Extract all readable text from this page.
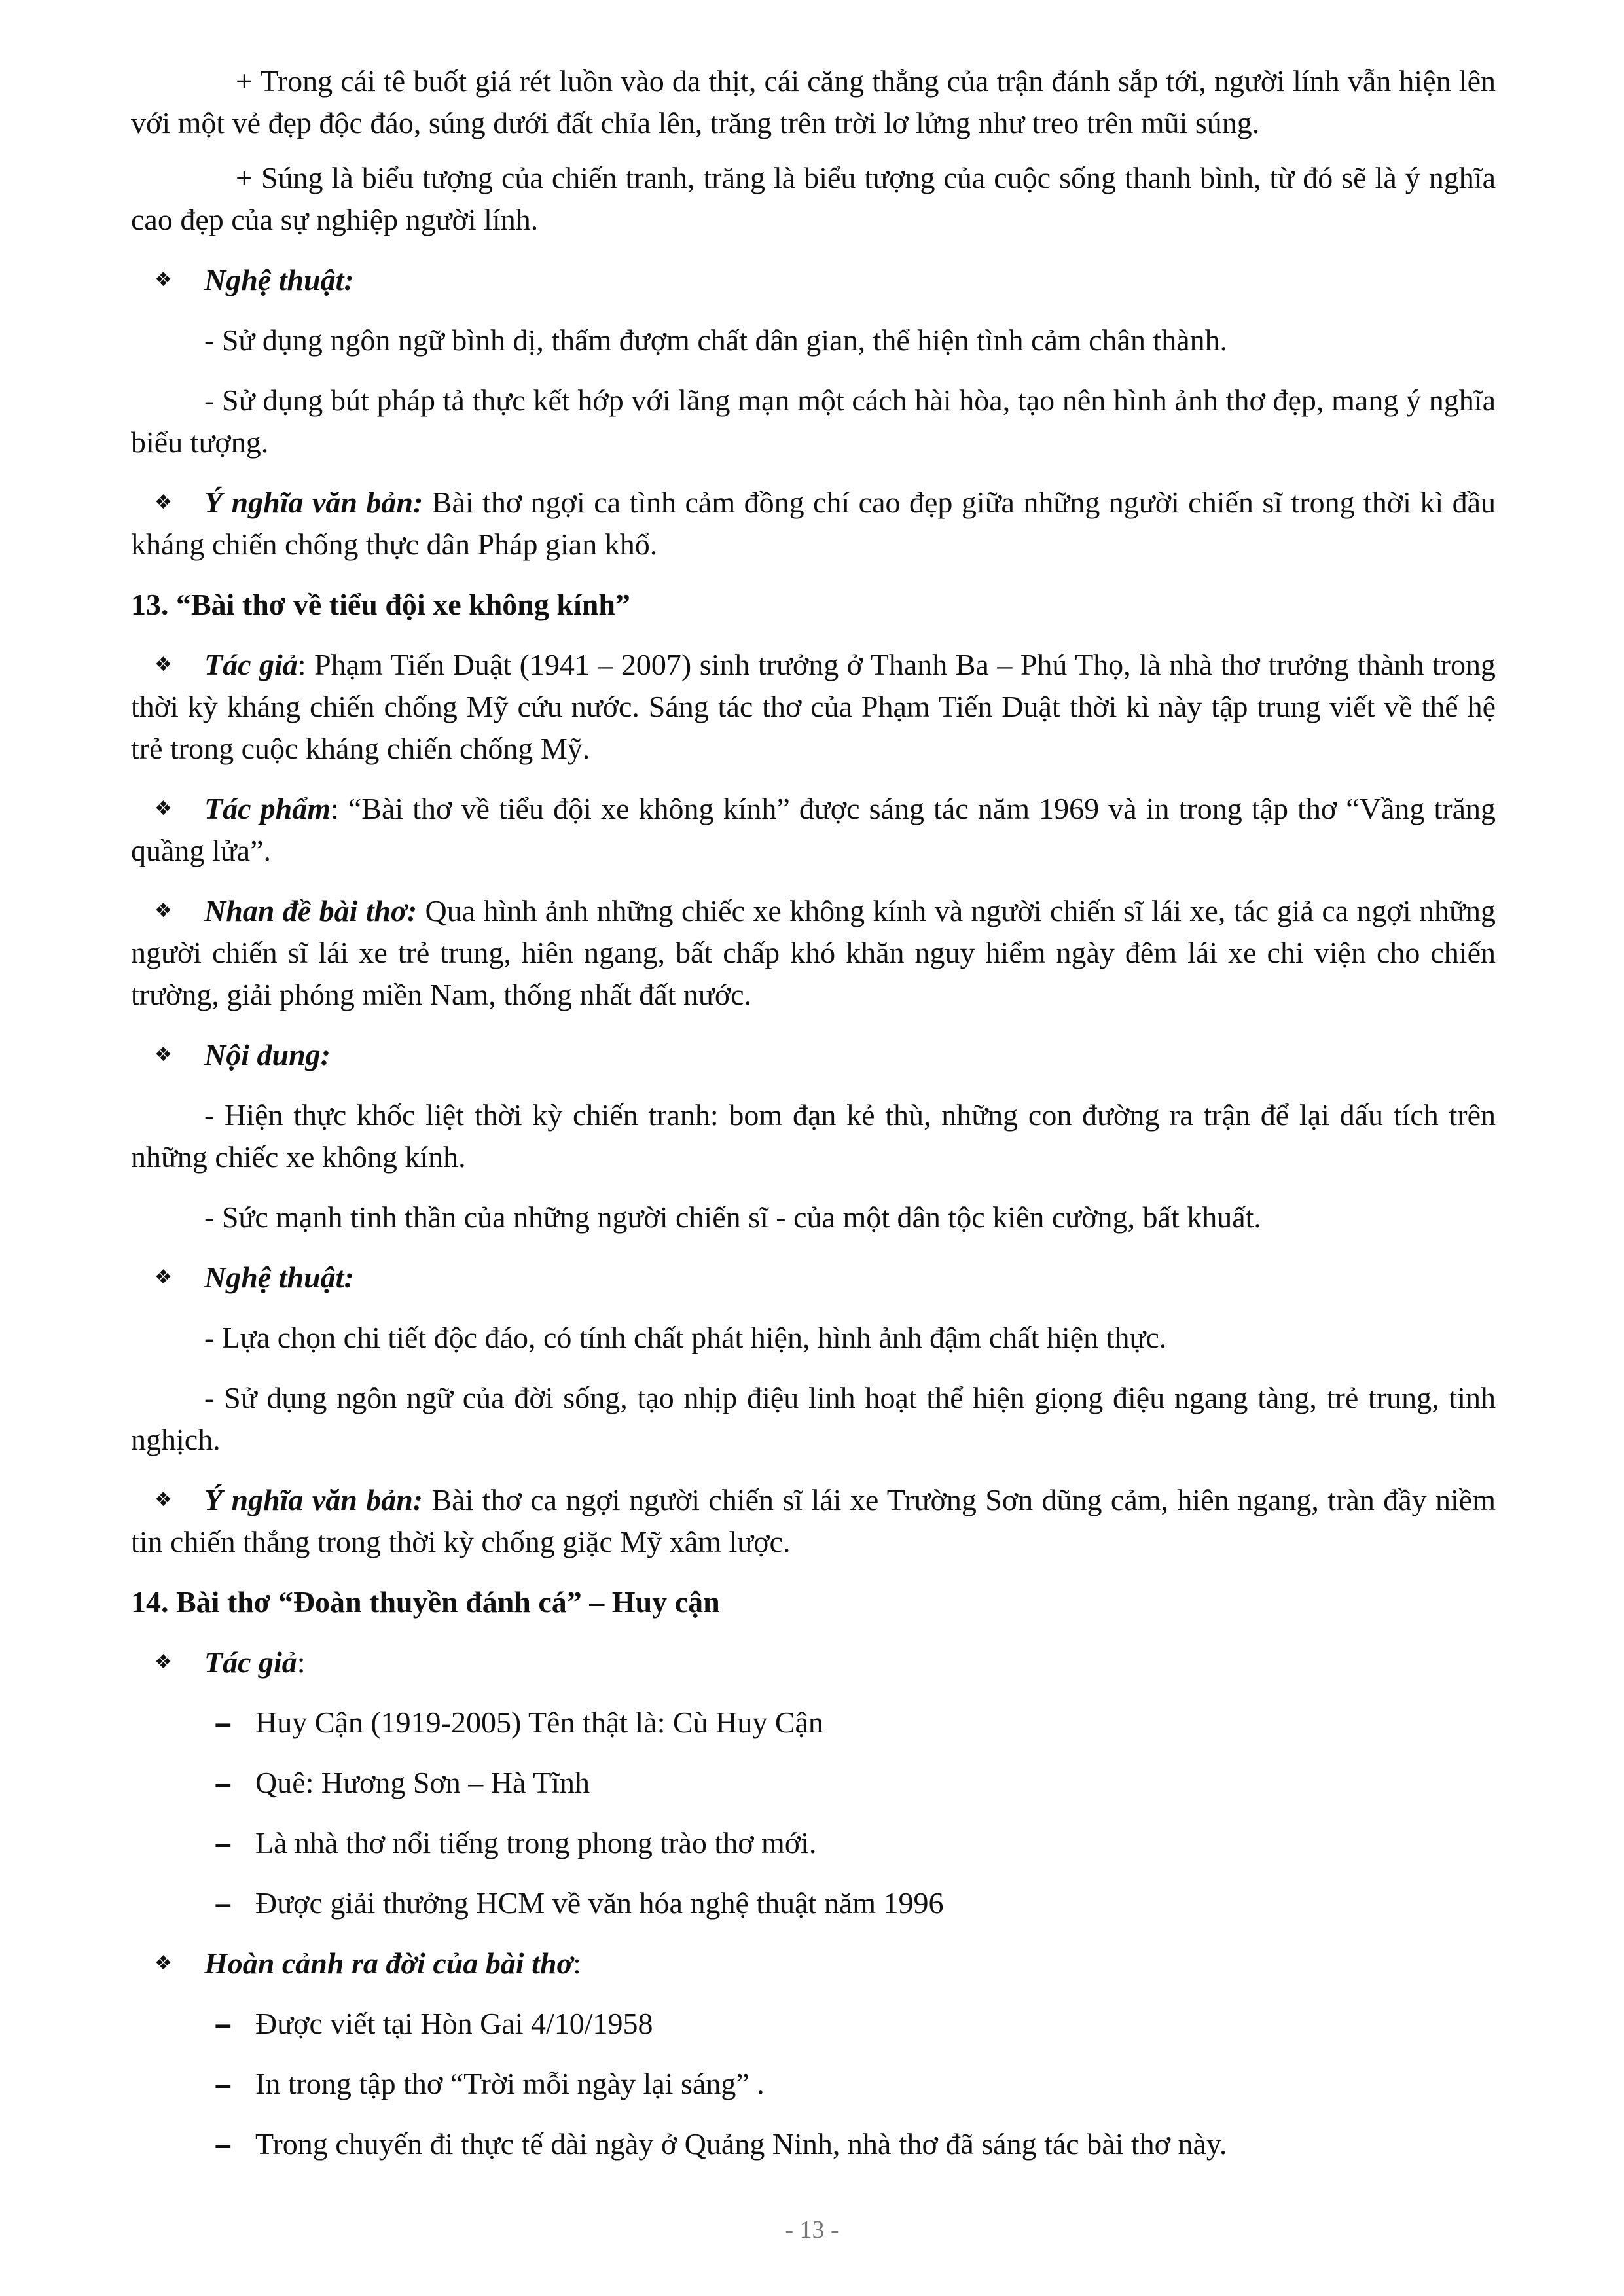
+ Trong cái tê buốt giá rét luồn vào da thịt, cái căng thẳng của trận đánh sắp tới, người lính vẫn hiện lên với một vẻ đẹp độc đáo, súng dưới đất chỉa lên, trăng trên trời lơ lửng như treo trên mũi súng.

+ Súng là biểu tượng của chiến tranh, trăng là biểu tượng của cuộc sống thanh bình, từ đó sẽ là ý nghĩa cao đẹp của sự nghiệp người lính.

❖ Nghệ thuật:

- Sử dụng ngôn ngữ bình dị, thấm đượm chất dân gian, thể hiện tình cảm chân thành.

- Sử dụng bút pháp tả thực kết hớp với lãng mạn một cách hài hòa, tạo nên hình ảnh thơ đẹp, mang ý nghĩa biểu tượng.

❖ Ý nghĩa văn bản: Bài thơ ngợi ca tình cảm đồng chí cao đẹp giữa những người chiến sĩ trong thời kì đầu kháng chiến chống thực dân Pháp gian khổ.

13. “Bài thơ về tiểu đội xe không kính”

❖ Tác giả: Phạm Tiến Duật (1941 – 2007) sinh trưởng ở Thanh Ba – Phú Thọ, là nhà thơ trưởng thành trong thời kỳ kháng chiến chống Mỹ cứu nước. Sáng tác thơ của Phạm Tiến Duật thời kì này tập trung viết về thế hệ trẻ trong cuộc kháng chiến chống Mỹ.

❖ Tác phẩm: “Bài thơ về tiểu đội xe không kính” được sáng tác năm 1969 và in trong tập thơ “Vầng trăng quầng lửa”.

❖ Nhan đề bài thơ: Qua hình ảnh những chiếc xe không kính và người chiến sĩ lái xe, tác giả ca ngợi những người chiến sĩ lái xe trẻ trung, hiên ngang, bất chấp khó khăn nguy hiểm ngày đêm lái xe chi viện cho chiến trường, giải phóng miền Nam, thống nhất đất nước.

❖ Nội dung:

- Hiện thực khốc liệt thời kỳ chiến tranh: bom đạn kẻ thù, những con đường ra trận để lại dấu tích trên những chiếc xe không kính.

- Sức mạnh tinh thần của những người chiến sĩ - của một dân tộc kiên cường, bất khuất.

❖ Nghệ thuật:

- Lựa chọn chi tiết độc đáo, có tính chất phát hiện, hình ảnh đậm chất hiện thực.

- Sử dụng ngôn ngữ của đời sống, tạo nhịp điệu linh hoạt thể hiện giọng điệu ngang tàng, trẻ trung, tinh nghịch.

❖ Ý nghĩa văn bản: Bài thơ ca ngợi người chiến sĩ lái xe Trường Sơn dũng cảm, hiên ngang, tràn đầy niềm tin chiến thắng trong thời kỳ chống giặc Mỹ xâm lược.

14. Bài thơ “Đoàn thuyền đánh cá” – Huy cận

❖ Tác giả:
– Huy Cận (1919-2005) Tên thật là: Cù Huy Cận
– Quê: Hương Sơn – Hà Tĩnh
– Là nhà thơ nổi tiếng trong phong trào thơ mới.
– Được giải thưởng HCM về văn hóa nghệ thuật năm 1996
❖ Hoàn cảnh ra đời của bài thơ:
– Được viết tại Hòn Gai 4/10/1958
– In trong tập thơ “Trời mỗi ngày lại sáng” .
– Trong chuyến đi thực tế dài ngày ở Quảng Ninh, nhà thơ đã sáng tác bài thơ này.
- 13 -
